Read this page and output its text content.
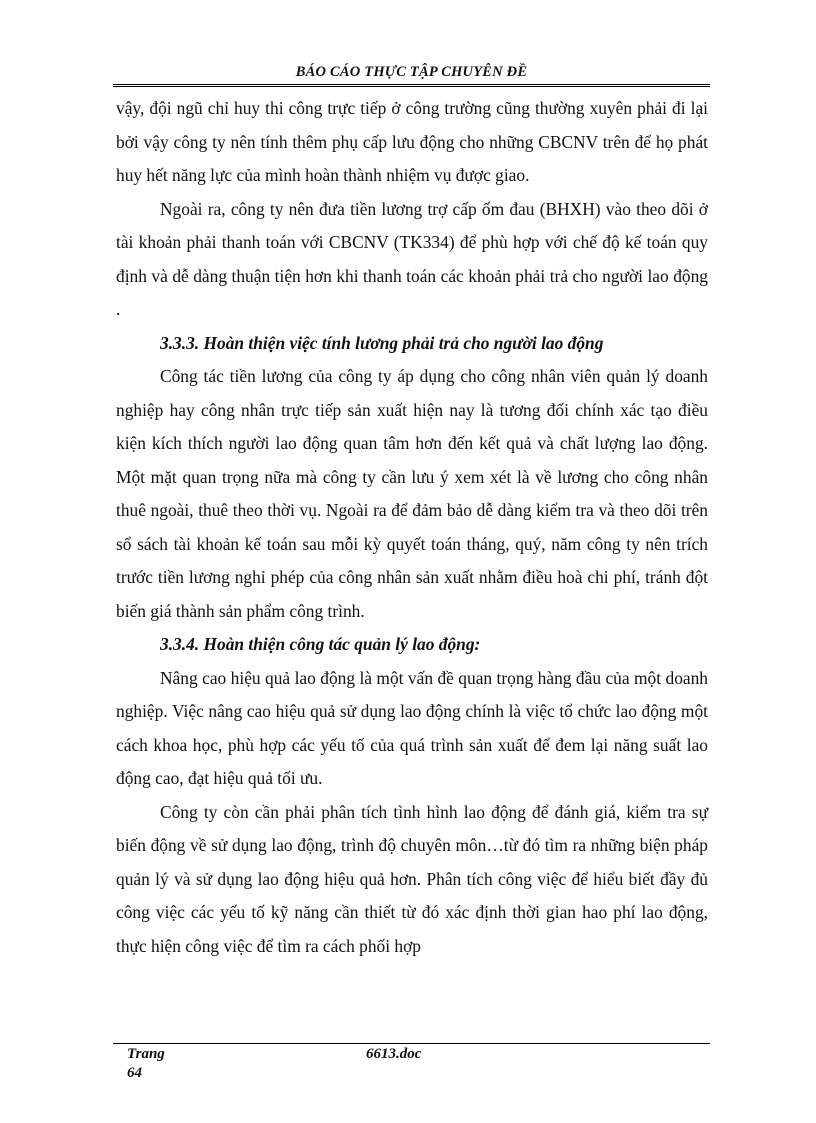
BÁO CÁO THỰC TẬP CHUYÊN ĐỀ

vậy, đội ngũ chỉ huy thi công trực tiếp ở công trường cũng thường xuyên phải đi lại bởi vậy công ty nên tính thêm phụ cấp lưu động cho những CBCNV trên để họ phát huy hết năng lực của mình hoàn thành nhiệm vụ được giao.

Ngoài ra, công ty nên đưa tiền lương trợ cấp ốm đau (BHXH) vào theo dõi ở tài khoản phải thanh toán với CBCNV (TK334) để phù hợp với chế độ kế toán quy định và dễ dàng thuận tiện hơn khi thanh toán các khoản phải trả cho người lao động .

3.3.3. Hoàn thiện việc tính lương phải trả cho người lao động

Công tác tiền lương của công ty áp dụng cho công nhân viên quản lý doanh nghiệp hay công nhân trực tiếp sản xuất hiện nay là tương đối chính xác tạo điều kiện kích thích người lao động quan tâm hơn đến kết quả và chất lượng lao động. Một mặt quan trọng nữa mà công ty cần lưu ý xem xét là về lương cho công nhân thuê ngoài, thuê theo thời vụ. Ngoài ra để đảm bảo dễ dàng kiểm tra và theo dõi trên sổ sách tài khoản kế toán sau mỗi kỳ quyết toán tháng, quý, năm công ty nên trích trước tiền lương nghỉ phép của công nhân sản xuất nhằm điều hoà chi phí, tránh đột biến giá thành sản phẩm công trình.

3.3.4. Hoàn thiện công tác quản lý lao động:

Nâng cao hiệu quả lao động là một vấn đề quan trọng hàng đầu của một doanh nghiệp. Việc nâng cao hiệu quả sử dụng lao động chính là việc tổ chức lao động một cách khoa học, phù hợp các yếu tố của quá trình sản xuất để đem lại năng suất lao động cao, đạt hiệu quả tối ưu.

Công ty còn cần phải phân tích tình hình lao động để đánh giá, kiểm tra sự biến động về sử dụng lao động, trình độ chuyên môn…từ đó tìm ra những biện pháp quản lý và sử dụng lao động hiệu quả hơn. Phân tích công việc để hiểu biết đầy đủ công việc các yếu tố kỹ năng cần thiết từ đó xác định thời gian hao phí lao động, thực hiện công việc để tìm ra cách phối hợp

Trang
64
6613.doc
